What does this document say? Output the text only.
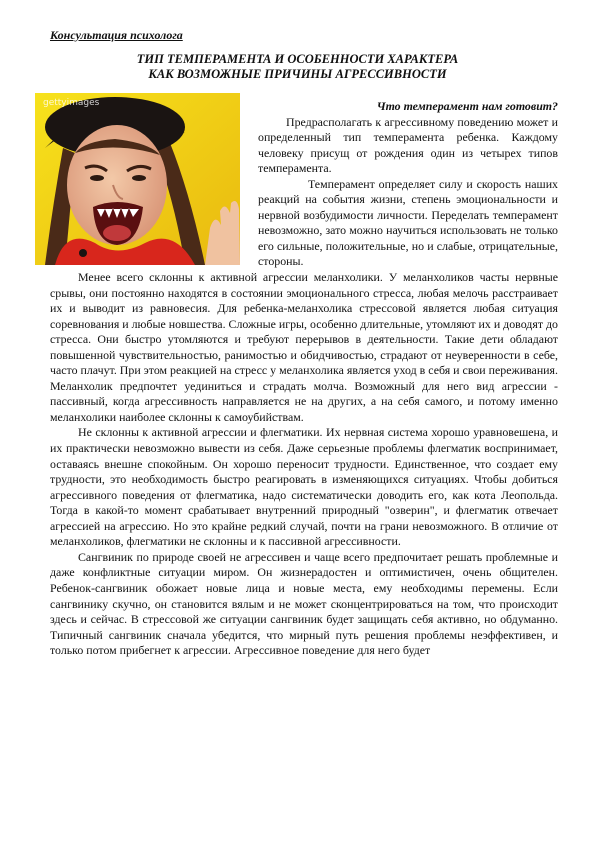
Консультация психолога
ТИП ТЕМПЕРАМЕНТА И ОСОБЕННОСТИ ХАРАКТЕРА
КАК ВОЗМОЖНЫЕ ПРИЧИНЫ АГРЕССИВНОСТИ
gettyimages	Что темперамент нам готовит?

Предрасполагать к агрессивному поведению может и определенный тип темперамента ребенка. Каждому человеку присущ от рождения один из четырех типов темперамента.

Темперамент определяет силу и скорость наших реакций на события жизни, степень эмоциональности и нервной возбудимости личности. Переделать темперамент невозможно, зато можно научиться использовать не только его сильные, положительные, но и слабые, отрицательные, стороны.

Менее всего склонны к активной агрессии меланхолики. У меланхоликов часты нервные срывы, они постоянно находятся в состоянии эмоционального стресса, любая мелочь расстраивает их и выводит из равновесия. Для ребенка-меланхолика стрессовой является любая ситуация соревнования и любые новшества. Сложные игры, особенно длительные, утомляют их и доводят до стресса. Они быстро утомляются и требуют перерывов в деятельности. Такие дети обладают повышенной чувствительностью, ранимостью и обидчивостью, страдают от неуверенности в себе, часто плачут. При этом реакцией на стресс у меланхолика является уход в себя и свои переживания. Меланхолик предпочтет уединиться и страдать молча. Возможный для него вид агрессии - пассивный, когда агрессивность направляется не на других, а на себя самого, и потому именно меланхолики наиболее склонны к самоубийствам.

Не склонны к активной агрессии и флегматики. Их нервная система хорошо уравновешена, и их практически невозможно вывести из себя. Даже серьезные проблемы флегматик воспринимает, оставаясь внешне спокойным. Он хорошо переносит трудности. Единственное, что создает ему трудности, это необходимость быстро реагировать в изменяющихся ситуациях. Чтобы добиться агрессивного поведения от флегматика, надо систематически доводить его, как кота Леопольда. Тогда в какой-то момент срабатывает внутренний природный "озверин", и флегматик отвечает агрессией на агрессию. Но это крайне редкий случай, почти на грани невозможного. В отличие от меланхоликов, флегматики не склонны и к пассивной агрессивности.

Сангвиник по природе своей не агрессивен и чаще всего предпочитает решать проблемные и даже конфликтные ситуации миром. Он жизнерадостен и оптимистичен, очень общителен. Ребенок-сангвиник обожает новые лица и новые места, ему необходимы перемены. Если сангвинику скучно, он становится вялым и не может сконцентрироваться на том, что происходит здесь и сейчас. В стрессовой же ситуации сангвиник будет защищать себя активно, но обдуманно. Типичный сангвиник сначала убедится, что мирный путь решения проблемы неэффективен, и только потом прибегнет к агрессии. Агрессивное поведение для него будет
